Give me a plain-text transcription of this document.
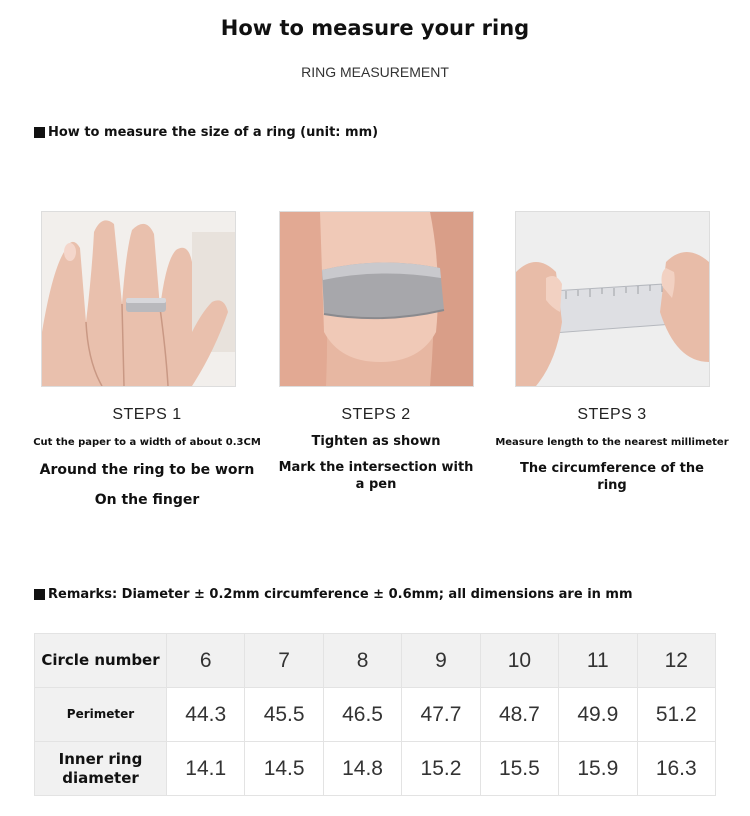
How to measure your ring
RING MEASUREMENT
How to measure the size of a ring (unit: mm)
STEPS 1
Cut the paper to a width of about 0.3CM
Around the ring to be worn
On the finger
STEPS 2
Tighten as shown
Mark the intersection with a pen
STEPS 3
Measure length to the nearest millimeter
The circumference of the ring
Remarks: Diameter ± 0.2mm circumference ± 0.6mm; all dimensions are in mm
Circle number	6	7	8	9	10	11	12
Perimeter	44.3	45.5	46.5	47.7	48.7	49.9	51.2
Inner ring diameter	14.1	14.5	14.8	15.2	15.5	15.9	16.3
